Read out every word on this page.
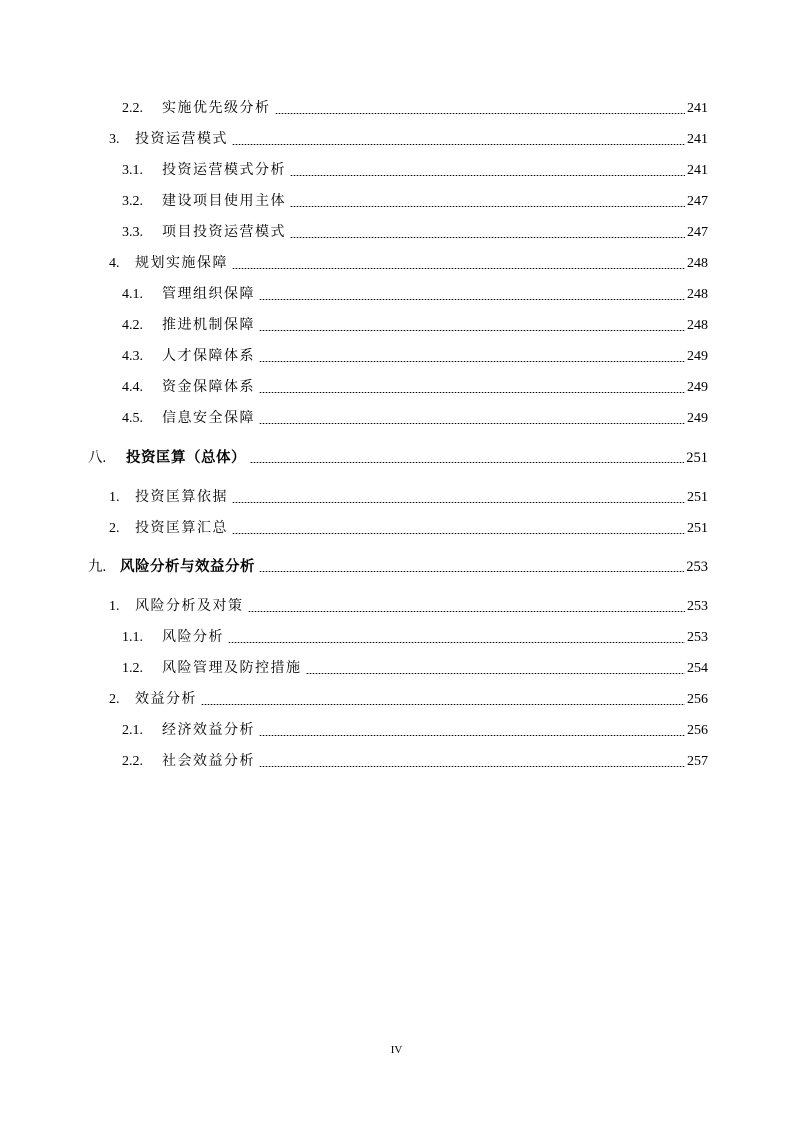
2.2.	实施优先级分析	241
3.	投资运营模式	241
3.1.	投资运营模式分析	241
3.2.	建设项目使用主体	247
3.3.	项目投资运营模式	247
4.	规划实施保障	248
4.1.	管理组织保障	248
4.2.	推进机制保障	248
4.3.	人才保障体系	249
4.4.	资金保障体系	249
4.5.	信息安全保障	249
八.	投资匡算（总体）	251
1.	投资匡算依据	251
2.	投资匡算汇总	251
九. 风险分析与效益分析	253
1.	风险分析及对策	253
1.1.	风险分析	253
1.2.	风险管理及防控措施	254
2.	效益分析	256
2.1.	经济效益分析	256
2.2.	社会效益分析	257
IV
